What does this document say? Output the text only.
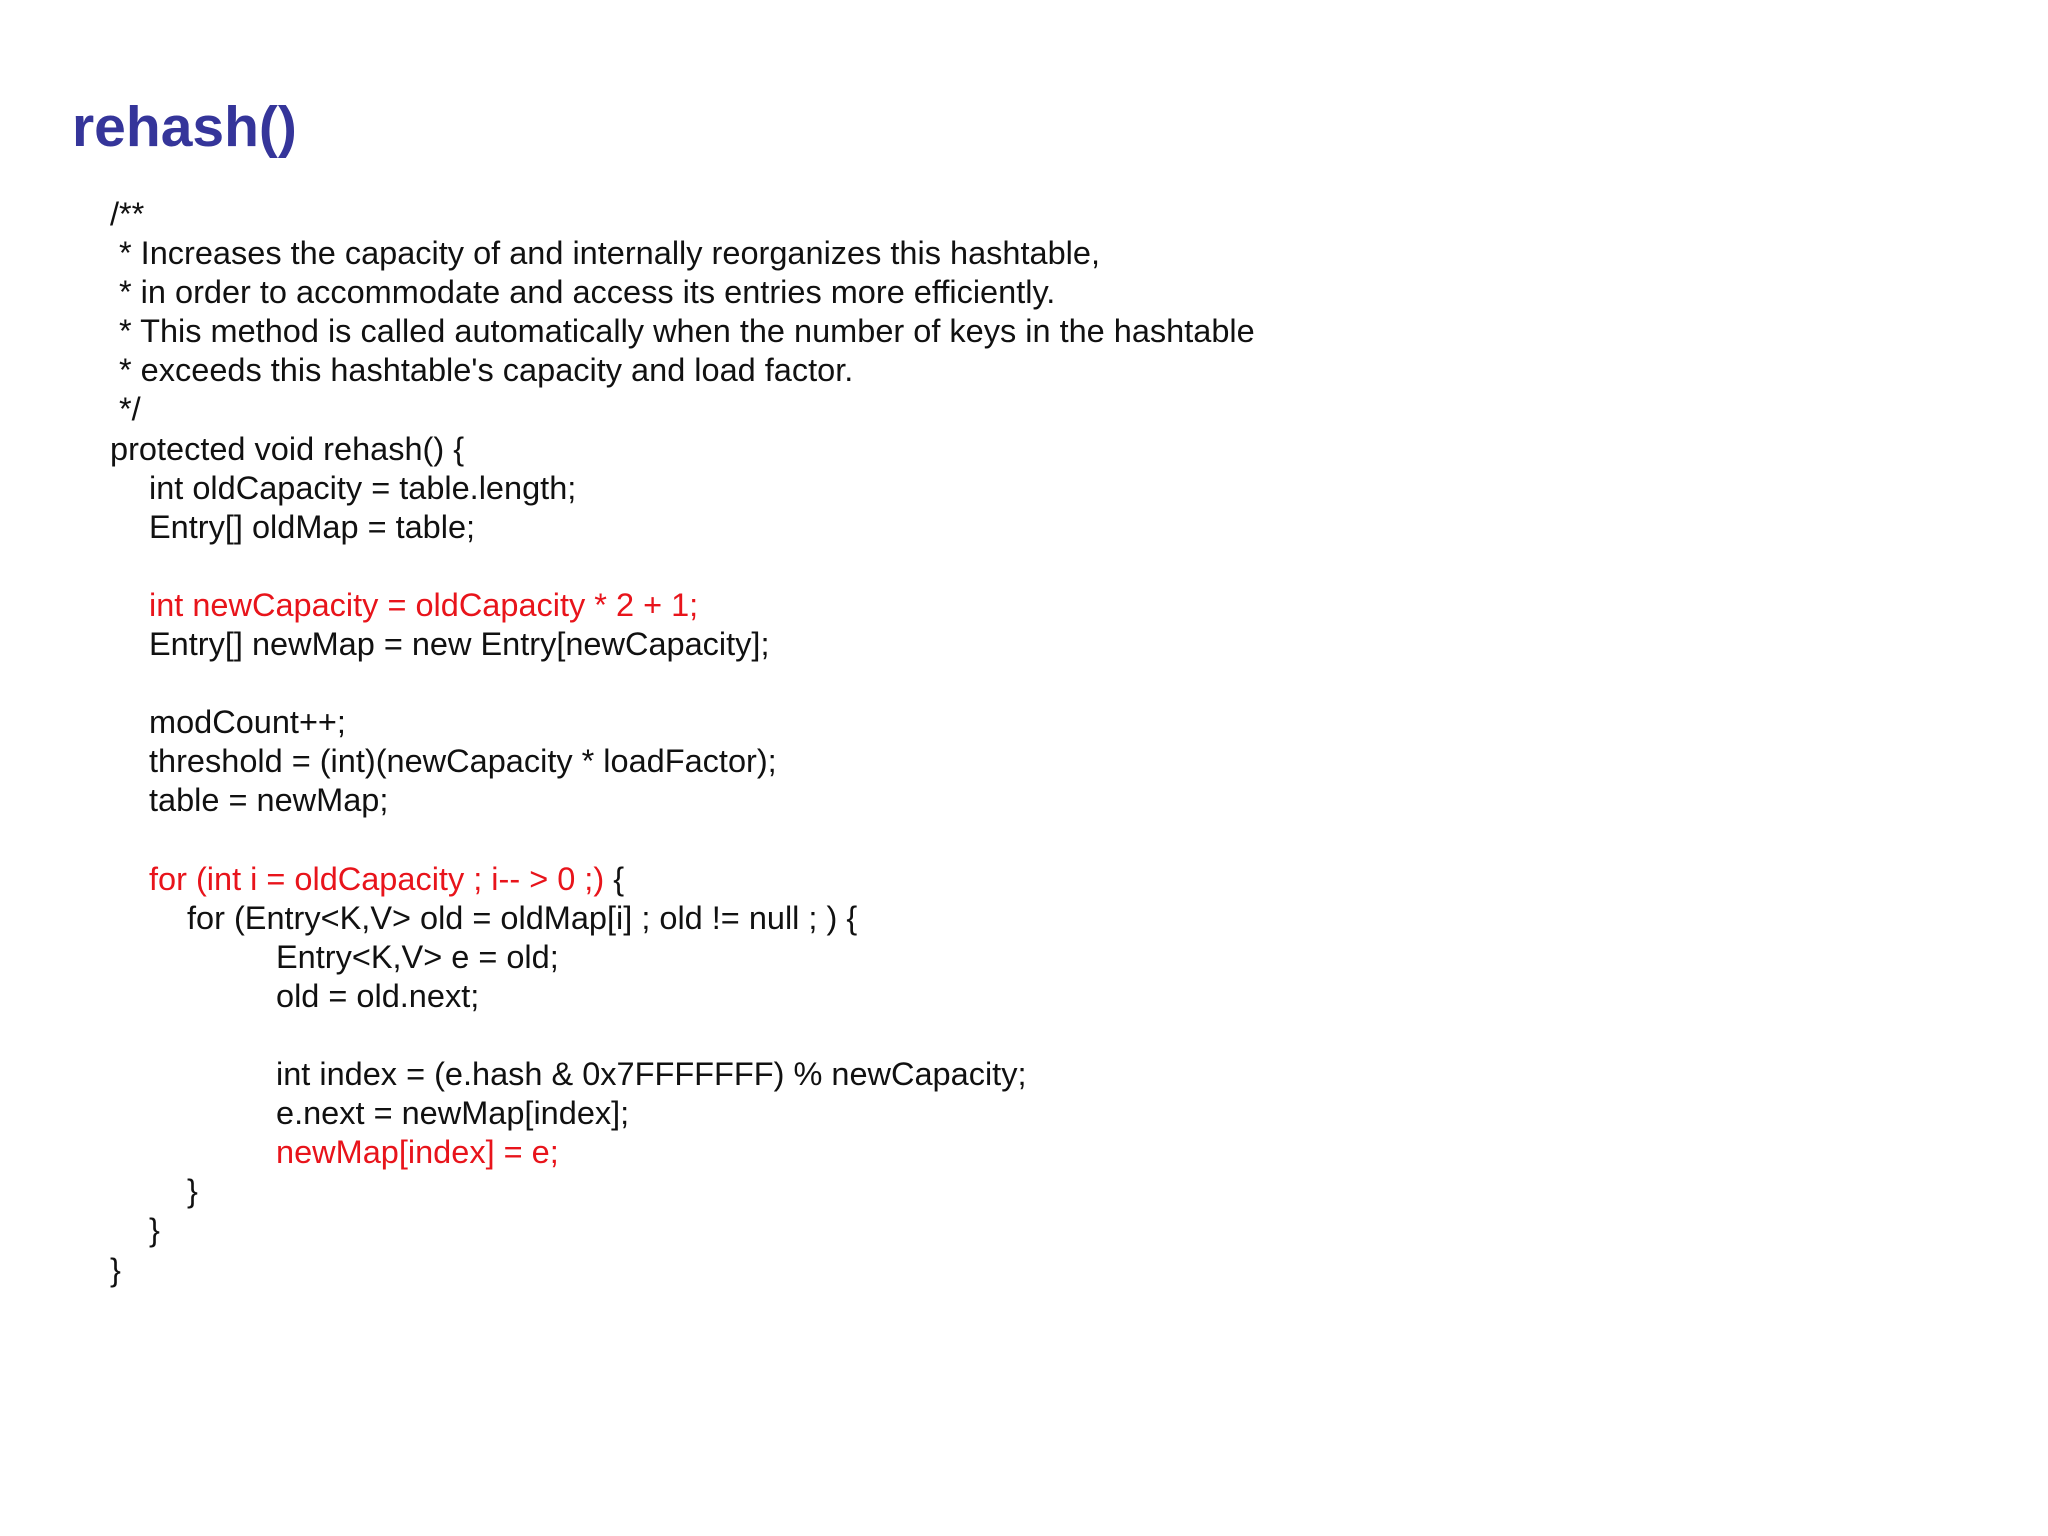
rehash()
/**
* Increases the capacity of and internally reorganizes this hashtable,
* in order to accommodate and access its entries more efficiently.
* This method is called automatically when the number of keys in the hashtable
* exceeds this hashtable's capacity and load factor.
*/
protected void rehash() {
int oldCapacity = table.length;
Entry[] oldMap = table;
int newCapacity = oldCapacity * 2 + 1;
Entry[] newMap = new Entry[newCapacity];
modCount++;
threshold = (int)(newCapacity * loadFactor);
table = newMap;
for (int i = oldCapacity ; i-- > 0 ;) {
for (Entry<K,V> old = oldMap[i] ; old != null ; ) {
Entry<K,V> e = old;
old = old.next;
int index = (e.hash & 0x7FFFFFFF) % newCapacity;
e.next = newMap[index];
newMap[index] = e;
}
}
}
